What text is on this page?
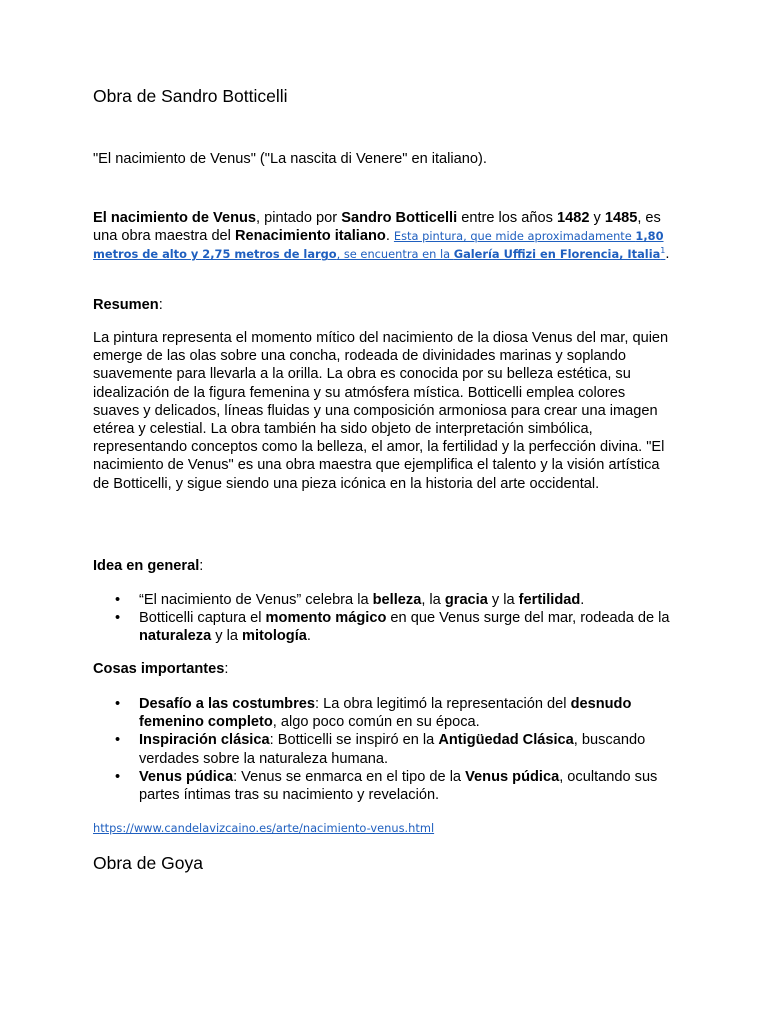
Obra de Sandro Botticelli
"El nacimiento de Venus" ("La nascita di Venere" en italiano).
El nacimiento de Venus, pintado por Sandro Botticelli entre los años 1482 y 1485, es una obra maestra del Renacimiento italiano. Esta pintura, que mide aproximadamente 1,80 metros de alto y 2,75 metros de largo, se encuentra en la Galería Uffizi en Florencia, Italia$^1$.
Resumen:
La pintura representa el momento mítico del nacimiento de la diosa Venus del mar, quien emerge de las olas sobre una concha, rodeada de divinidades marinas y soplando suavemente para llevarla a la orilla. La obra es conocida por su belleza estética, su idealización de la figura femenina y su atmósfera mística. Botticelli emplea colores suaves y delicados, líneas fluidas y una composición armoniosa para crear una imagen etérea y celestial. La obra también ha sido objeto de interpretación simbólica, representando conceptos como la belleza, el amor, la fertilidad y la perfección divina. "El nacimiento de Venus" es una obra maestra que ejemplifica el talento y la visión artística de Botticelli, y sigue siendo una pieza icónica en la historia del arte occidental.
Idea en general:
• “El nacimiento de Venus” celebra la belleza, la gracia y la fertilidad.
• Botticelli captura el momento mágico en que Venus surge del mar, rodeada de la naturaleza y la mitología.
Cosas importantes:
• Desafío a las costumbres: La obra legitimó la representación del desnudo femenino completo, algo poco común en su época.
• Inspiración clásica: Botticelli se inspiró en la Antigüedad Clásica, buscando verdades sobre la naturaleza humana.
• Venus púdica: Venus se enmarca en el tipo de la Venus púdica, ocultando sus partes íntimas tras su nacimiento y revelación.
https://www.candelavizcaino.es/arte/nacimiento-venus.html
Obra de Goya
